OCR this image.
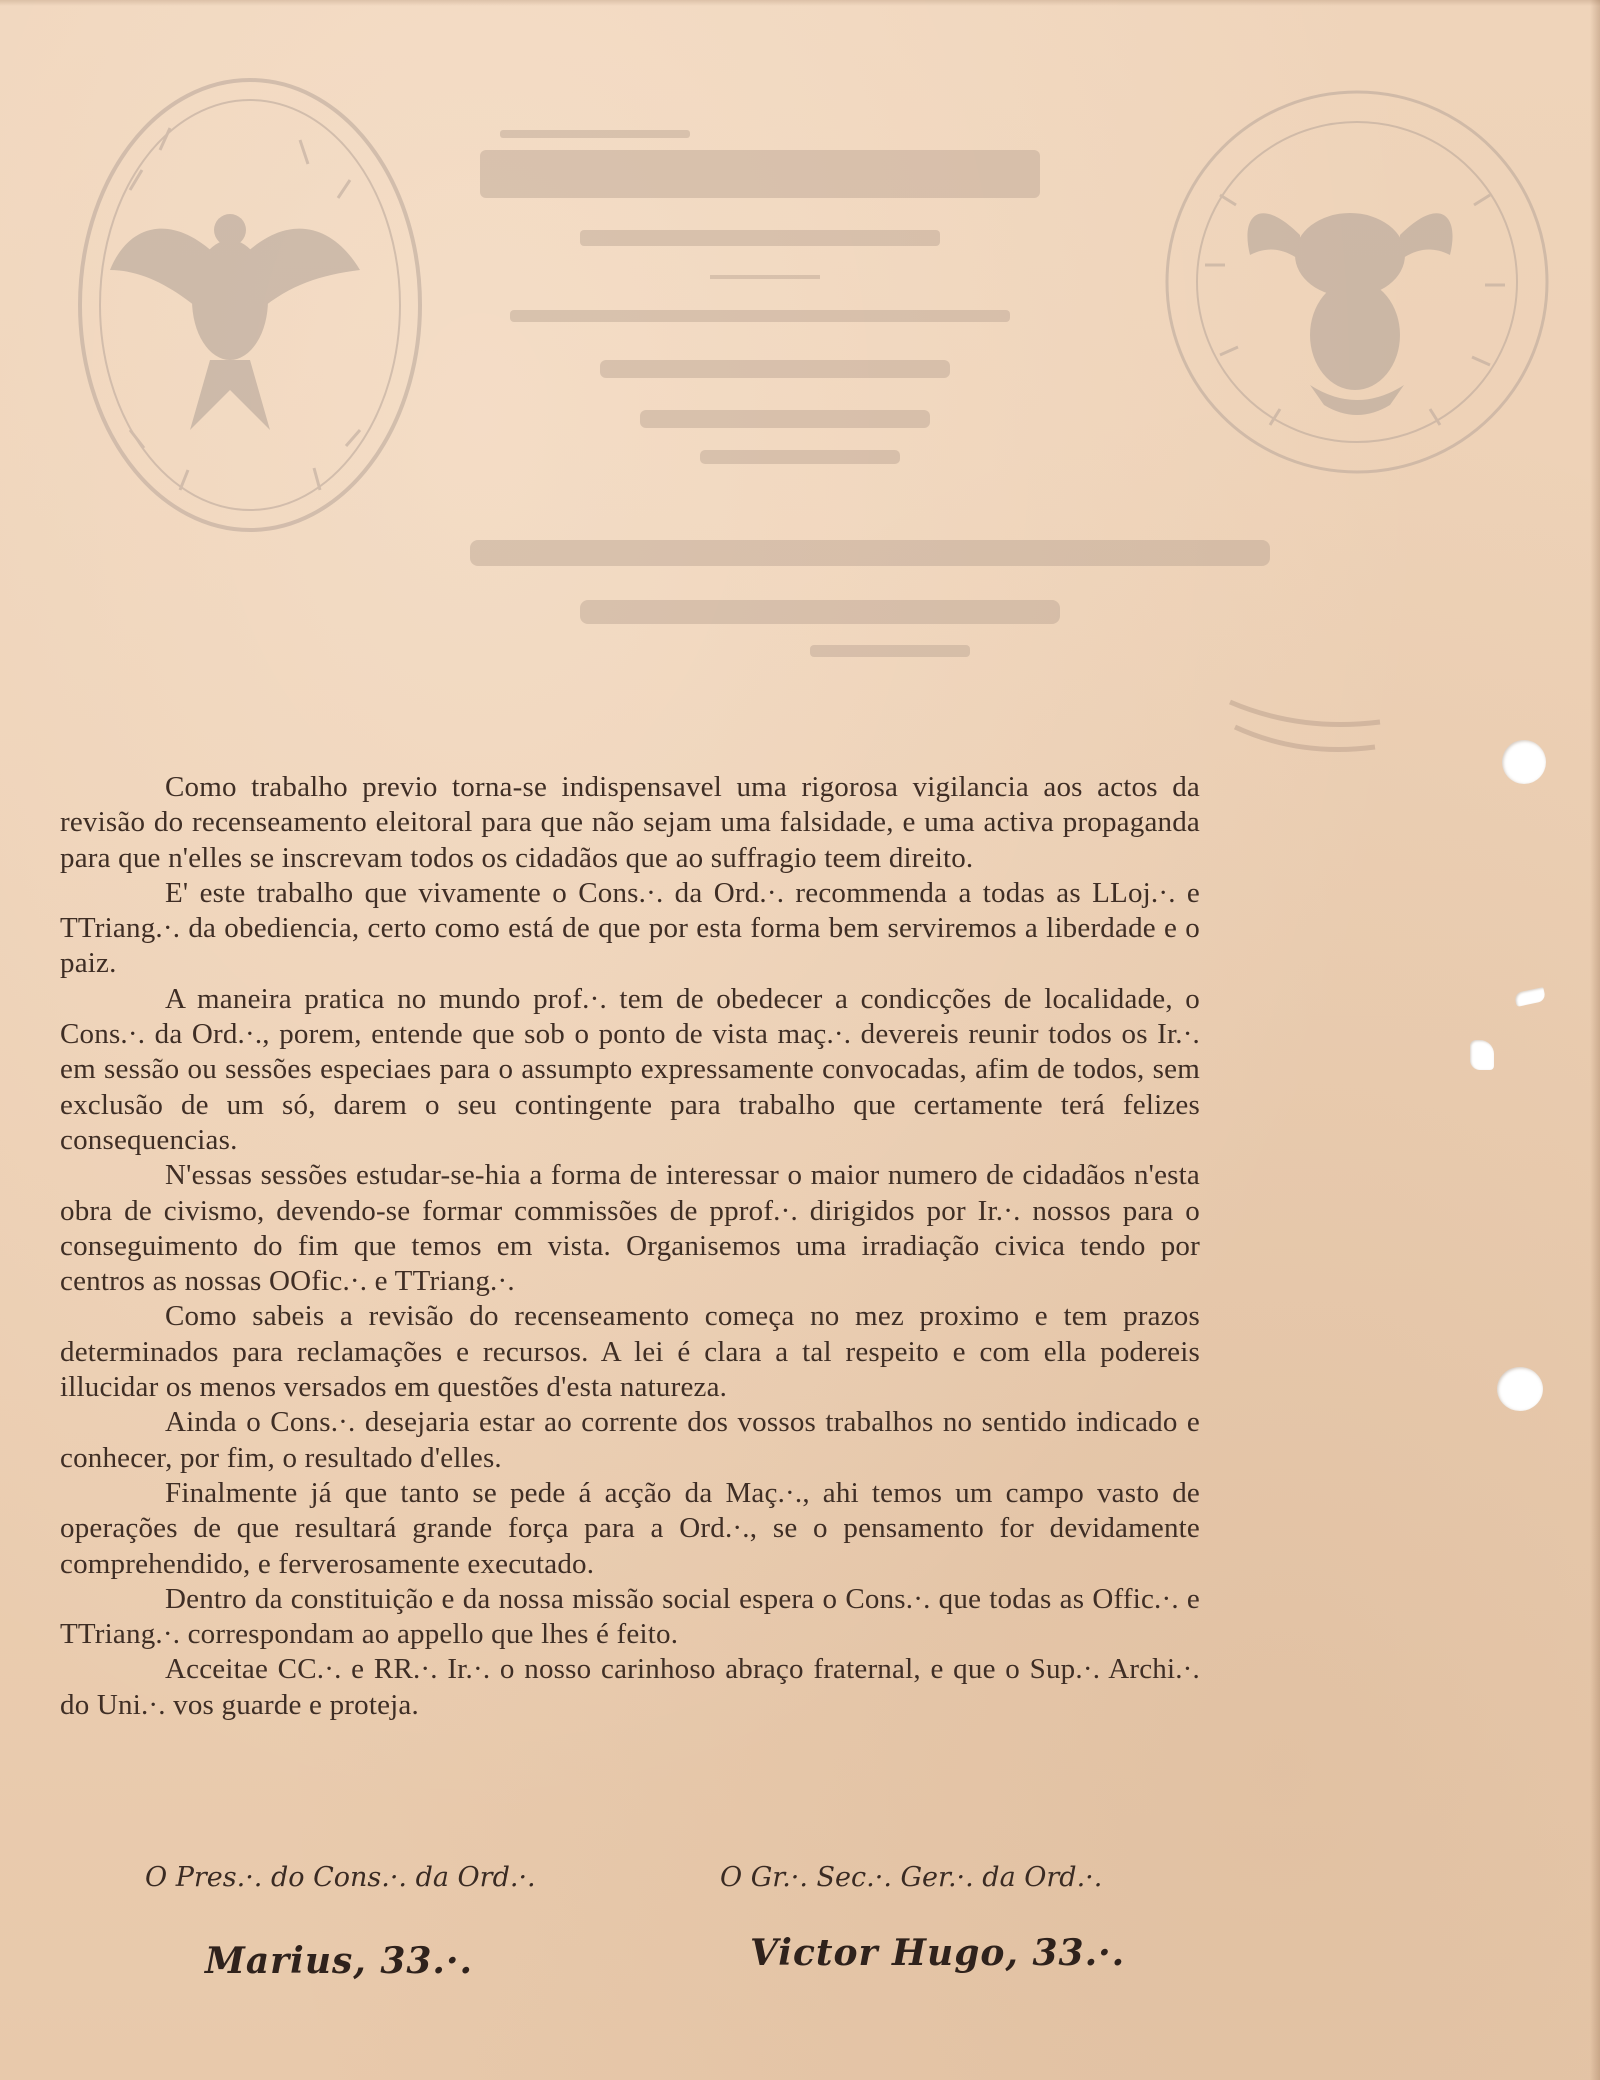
Como trabalho previo torna-se indispensavel uma rigorosa vigilancia aos actos da revisão do recenseamento eleitoral para que não sejam uma falsidade, e uma activa propaganda para que n'elles se inscrevam todos os cidadãos que ao suffragio teem direito.

E' este trabalho que vivamente o Cons.·. da Ord.·. recommenda a todas as LLoj.·. e TTriang.·. da obediencia, certo como está de que por esta forma bem serviremos a liberdade e o paiz.

A maneira pratica no mundo prof.·. tem de obedecer a condicções de localidade, o Cons.·. da Ord.·., porem, entende que sob o ponto de vista maç.·. devereis reunir todos os Ir.·. em sessão ou sessões especiaes para o assumpto expressamente convocadas, afim de todos, sem exclusão de um só, darem o seu contingente para trabalho que certamente terá felizes consequencias.

N'essas sessões estudar-se-hia a forma de interessar o maior numero de cidadãos n'esta obra de civismo, devendo-se formar commissões de pprof.·. dirigidos por Ir.·. nossos para o conseguimento do fim que temos em vista. Organisemos uma irradiação civica tendo por centros as nossas OOfic.·. e TTriang.·.

Como sabeis a revisão do recenseamento começa no mez proximo e tem prazos determinados para reclamações e recursos. A lei é clara a tal respeito e com ella podereis illucidar os menos versados em questões d'esta natureza.

Ainda o Cons.·. desejaria estar ao corrente dos vossos trabalhos no sentido indicado e conhecer, por fim, o resultado d'elles.

Finalmente já que tanto se pede á acção da Maç.·., ahi temos um campo vasto de operações de que resultará grande força para a Ord.·., se o pensamento for devidamente comprehendido, e ferverosamente executado.

Dentro da constituição e da nossa missão social espera o Cons.·. que todas as Offic.·. e TTriang.·. correspondam ao appello que lhes é feito.

Acceitae CC.·. e RR.·. Ir.·. o nosso carinhoso abraço fraternal, e que o Sup.·. Archi.·. do Uni.·. vos guarde e proteja.

O Pres.·. do Cons.·. da Ord.·.	O Gr.·. Sec.·. Ger.·. da Ord.·.
Marius, 33.·.	Victor Hugo, 33.·.
